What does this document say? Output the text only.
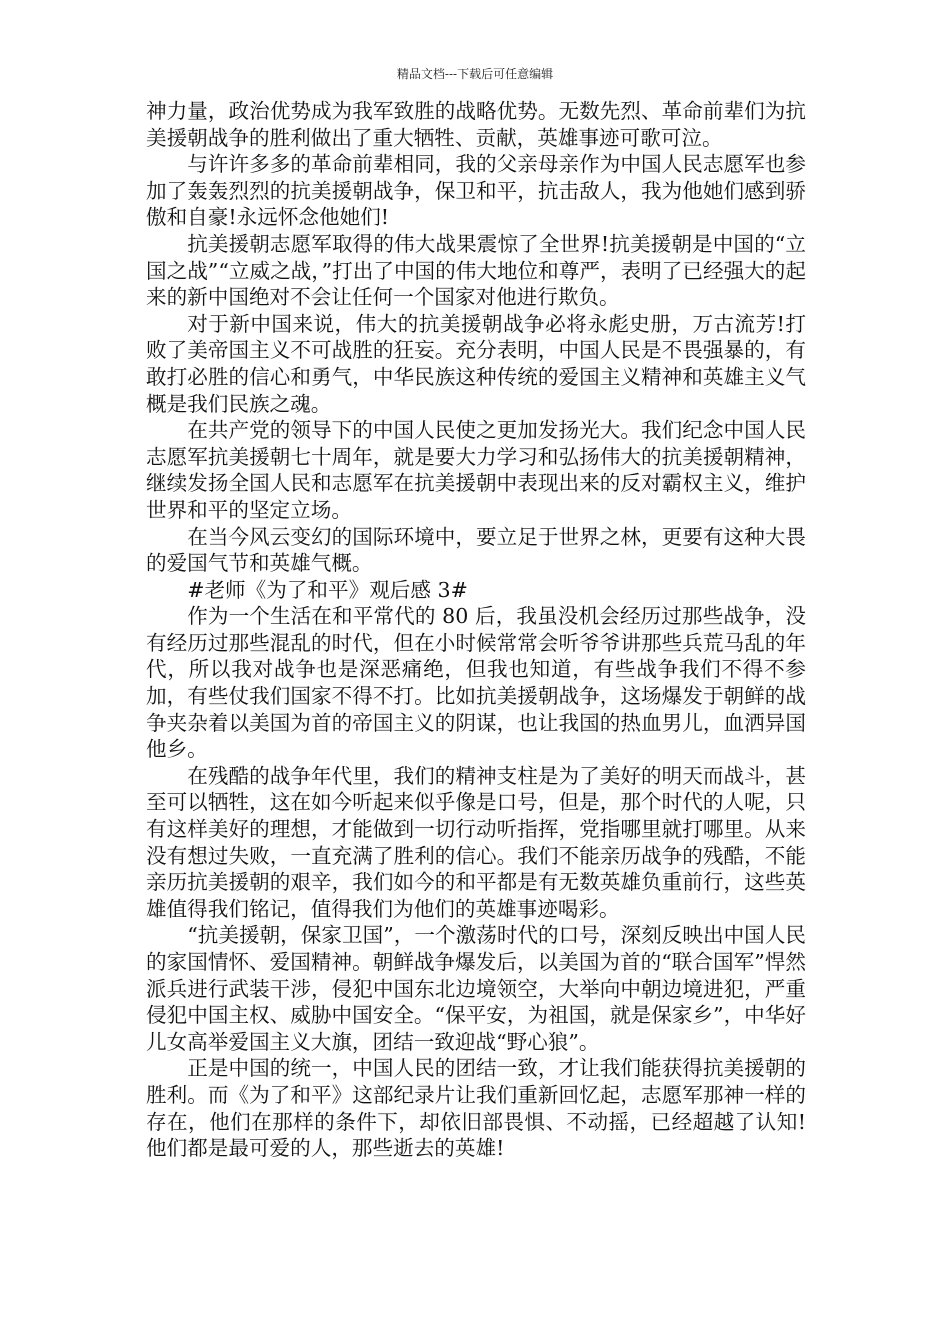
精品文档---下载后可任意编辑

神力量，政治优势成为我军致胜的战略优势。无数先烈、革命前辈们为抗美援朝战争的胜利做出了重大牺牲、贡献，英雄事迹可歌可泣。

与许许多多的革命前辈相同，我的父亲母亲作为中国人民志愿军也参加了轰轰烈烈的抗美援朝战争，保卫和平，抗击敌人，我为他她们感到骄傲和自豪!永远怀念他她们!

抗美援朝志愿军取得的伟大战果震惊了全世界!抗美援朝是中国的“立国之战”“立威之战，”打出了中国的伟大地位和尊严，表明了已经强大的起来的新中国绝对不会让任何一个国家对他进行欺负。

对于新中国来说，伟大的抗美援朝战争必将永彪史册，万古流芳!打败了美帝国主义不可战胜的狂妄。充分表明，中国人民是不畏强暴的，有敢打必胜的信心和勇气，中华民族这种传统的爱国主义精神和英雄主义气概是我们民族之魂。

在共产党的领导下的中国人民使之更加发扬光大。我们纪念中国人民志愿军抗美援朝七十周年，就是要大力学习和弘扬伟大的抗美援朝精神，继续发扬全国人民和志愿军在抗美援朝中表现出来的反对霸权主义，维护世界和平的坚定立场。

在当今风云变幻的国际环境中，要立足于世界之林，更要有这种大畏的爱国气节和英雄气概。

#老师《为了和平》观后感 3#

作为一个生活在和平常代的 80 后，我虽没机会经历过那些战争，没有经历过那些混乱的时代，但在小时候常常会听爷爷讲那些兵荒马乱的年代，所以我对战争也是深恶痛绝，但我也知道，有些战争我们不得不参加，有些仗我们国家不得不打。比如抗美援朝战争，这场爆发于朝鲜的战争夹杂着以美国为首的帝国主义的阴谋，也让我国的热血男儿，血洒异国他乡。

在残酷的战争年代里，我们的精神支柱是为了美好的明天而战斗，甚至可以牺牲，这在如今听起来似乎像是口号，但是，那个时代的人呢，只有这样美好的理想，才能做到一切行动听指挥，党指哪里就打哪里。从来没有想过失败，一直充满了胜利的信心。我们不能亲历战争的残酷，不能亲历抗美援朝的艰辛，我们如今的和平都是有无数英雄负重前行，这些英雄值得我们铭记，值得我们为他们的英雄事迹喝彩。

“抗美援朝，保家卫国”，一个激荡时代的口号，深刻反映出中国人民的家国情怀、爱国精神。朝鲜战争爆发后，以美国为首的“联合国军”悍然派兵进行武装干涉，侵犯中国东北边境领空，大举向中朝边境进犯，严重侵犯中国主权、威胁中国安全。“保平安，为祖国，就是保家乡”，中华好儿女高举爱国主义大旗，团结一致迎战“野心狼”。

正是中国的统一，中国人民的团结一致，才让我们能获得抗美援朝的胜利。而《为了和平》这部纪录片让我们重新回忆起，志愿军那神一样的存在，他们在那样的条件下，却依旧部畏惧、不动摇，已经超越了认知!他们都是最可爱的人，那些逝去的英雄!
